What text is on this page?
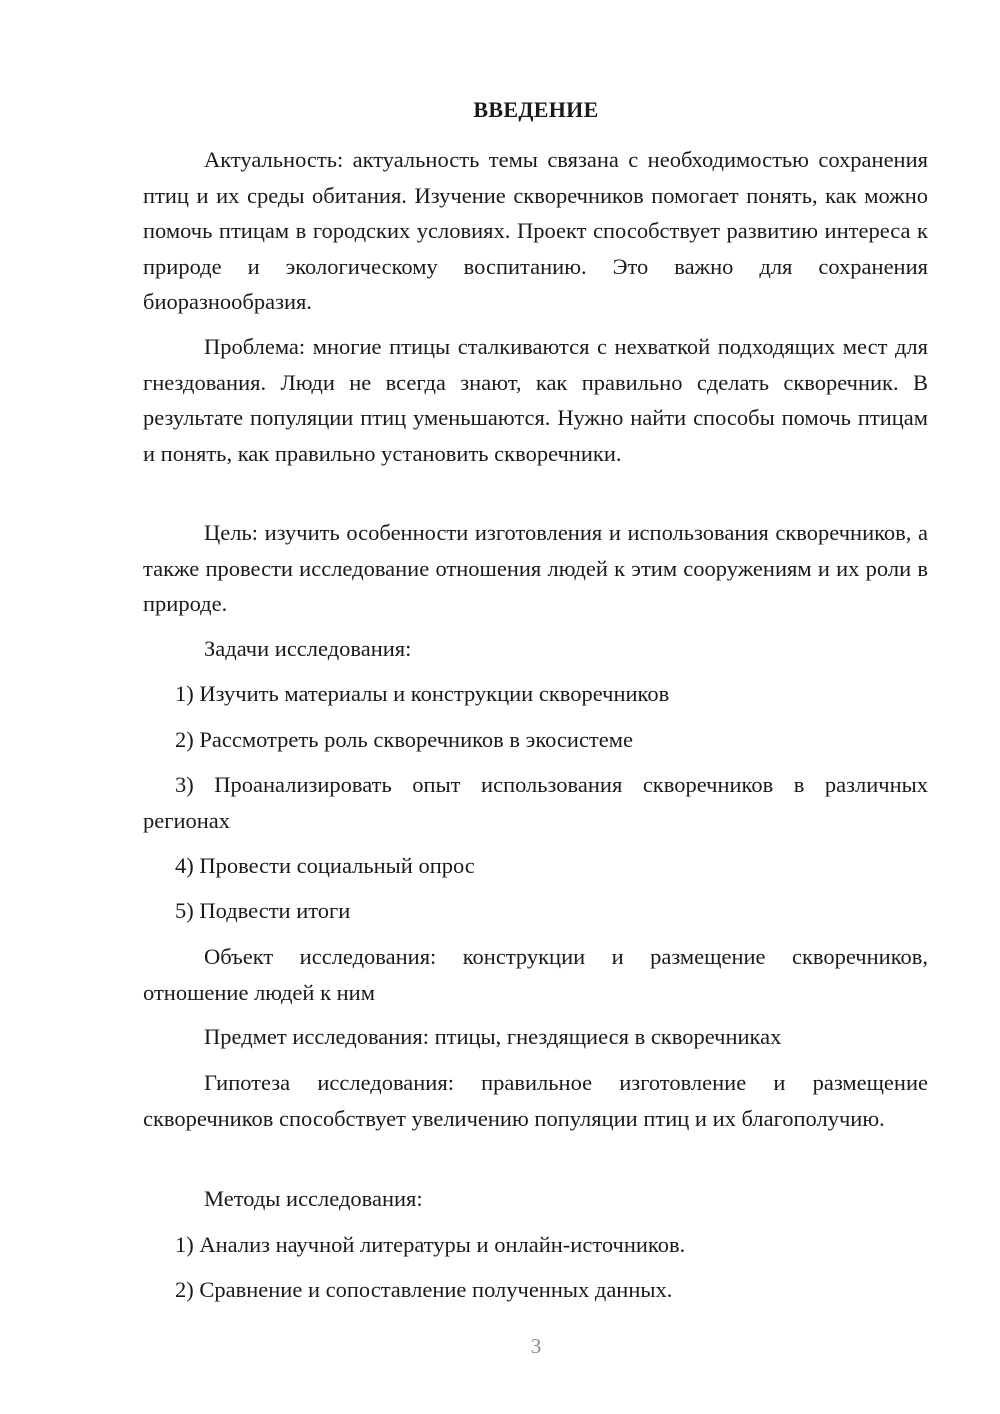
ВВЕДЕНИЕ

Актуальность: актуальность темы связана с необходимостью сохранения птиц и их среды обитания. Изучение скворечников помогает понять, как можно помочь птицам в городских условиях. Проект способствует развитию интереса к природе и экологическому воспитанию. Это важно для сохранения биоразнообразия.

Проблема: многие птицы сталкиваются с нехваткой подходящих мест для гнездования. Люди не всегда знают, как правильно сделать скворечник. В результате популяции птиц уменьшаются. Нужно найти способы помочь птицам и понять, как правильно установить скворечники.

Цель: изучить особенности изготовления и использования скворечников, а также провести исследование отношения людей к этим сооружениям и их роли в природе.

Задачи исследования:

1) Изучить материалы и конструкции скворечников

2) Рассмотреть роль скворечников в экосистеме

3) Проанализировать опыт использования скворечников в различных регионах

4) Провести социальный опрос

5) Подвести итоги

Объект исследования: конструкции и размещение скворечников, отношение людей к ним

Предмет исследования: птицы, гнездящиеся в скворечниках

Гипотеза исследования: правильное изготовление и размещение скворечников способствует увеличению популяции птиц и их благополучию.

Методы исследования:

1) Анализ научной литературы и онлайн-источников.

2) Сравнение и сопоставление полученных данных.

3
